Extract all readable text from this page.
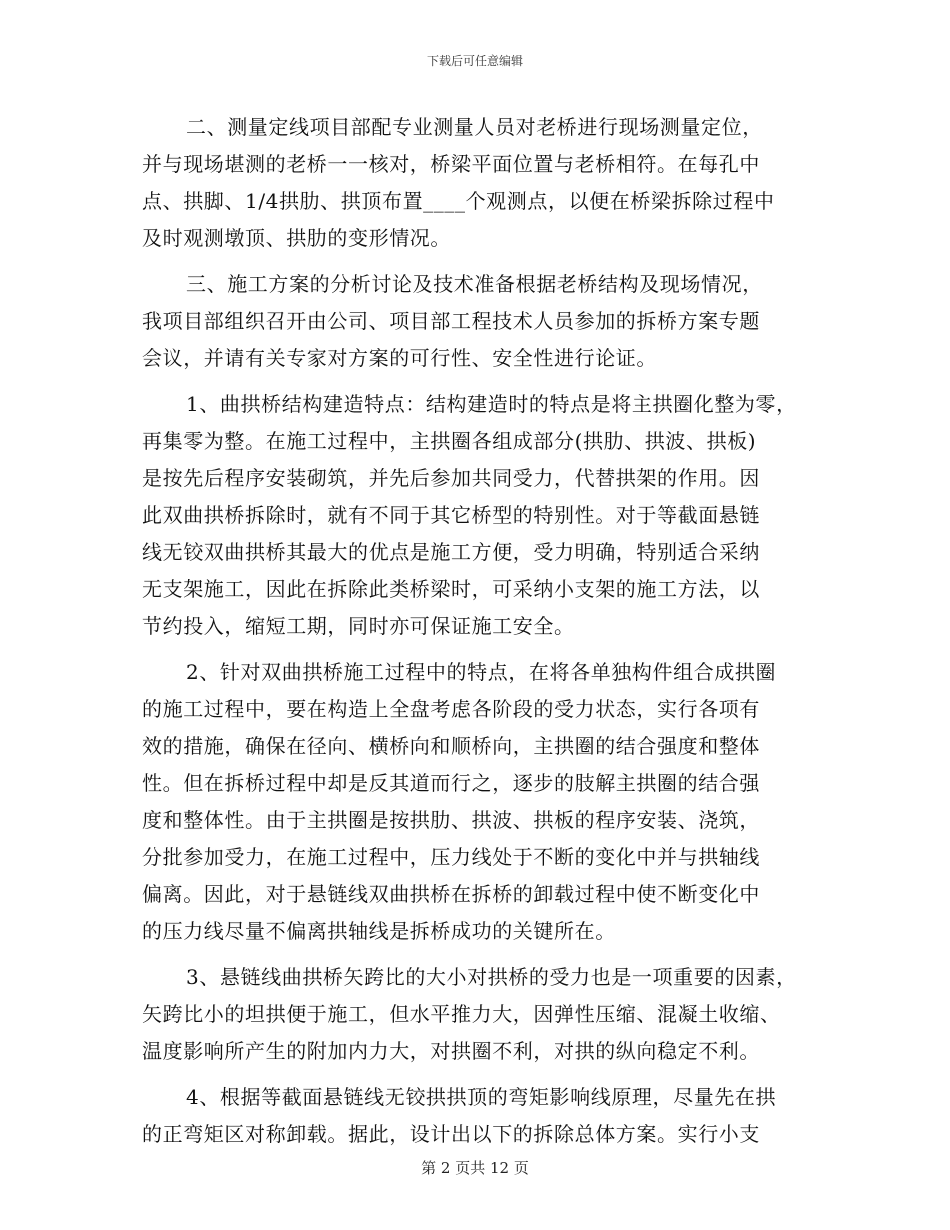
下载后可任意编辑
二、测量定线项目部配专业测量人员对老桥进行现场测量定位，
并与现场堪测的老桥一一核对，桥梁平面位置与老桥相符。在每孔中
点、拱脚、1/4拱肋、拱顶布置____个观测点，以便在桥梁拆除过程中
及时观测墩顶、拱肋的变形情况。
三、施工方案的分析讨论及技术准备根据老桥结构及现场情况，
我项目部组织召开由公司、项目部工程技术人员参加的拆桥方案专题
会议，并请有关专家对方案的可行性、安全性进行论证。
1、曲拱桥结构建造特点：结构建造时的特点是将主拱圈化整为零，
再集零为整。在施工过程中，主拱圈各组成部分(拱肋、拱波、拱板)
是按先后程序安装砌筑，并先后参加共同受力，代替拱架的作用。因
此双曲拱桥拆除时，就有不同于其它桥型的特别性。对于等截面悬链
线无铰双曲拱桥其最大的优点是施工方便，受力明确，特别适合采纳
无支架施工，因此在拆除此类桥梁时，可采纳小支架的施工方法，以
节约投入，缩短工期，同时亦可保证施工安全。
2、针对双曲拱桥施工过程中的特点，在将各单独构件组合成拱圈
的施工过程中，要在构造上全盘考虑各阶段的受力状态，实行各项有
效的措施，确保在径向、横桥向和顺桥向，主拱圈的结合强度和整体
性。但在拆桥过程中却是反其道而行之，逐步的肢解主拱圈的结合强
度和整体性。由于主拱圈是按拱肋、拱波、拱板的程序安装、浇筑，
分批参加受力，在施工过程中，压力线处于不断的变化中并与拱轴线
偏离。因此，对于悬链线双曲拱桥在拆桥的卸载过程中使不断变化中
的压力线尽量不偏离拱轴线是拆桥成功的关键所在。
3、悬链线曲拱桥矢跨比的大小对拱桥的受力也是一项重要的因素，
矢跨比小的坦拱便于施工，但水平推力大，因弹性压缩、混凝土收缩、
温度影响所产生的附加内力大，对拱圈不利，对拱的纵向稳定不利。
4、根据等截面悬链线无铰拱拱顶的弯矩影响线原理，尽量先在拱
的正弯矩区对称卸载。据此，设计出以下的拆除总体方案。实行小支
第 2 页共 12 页
